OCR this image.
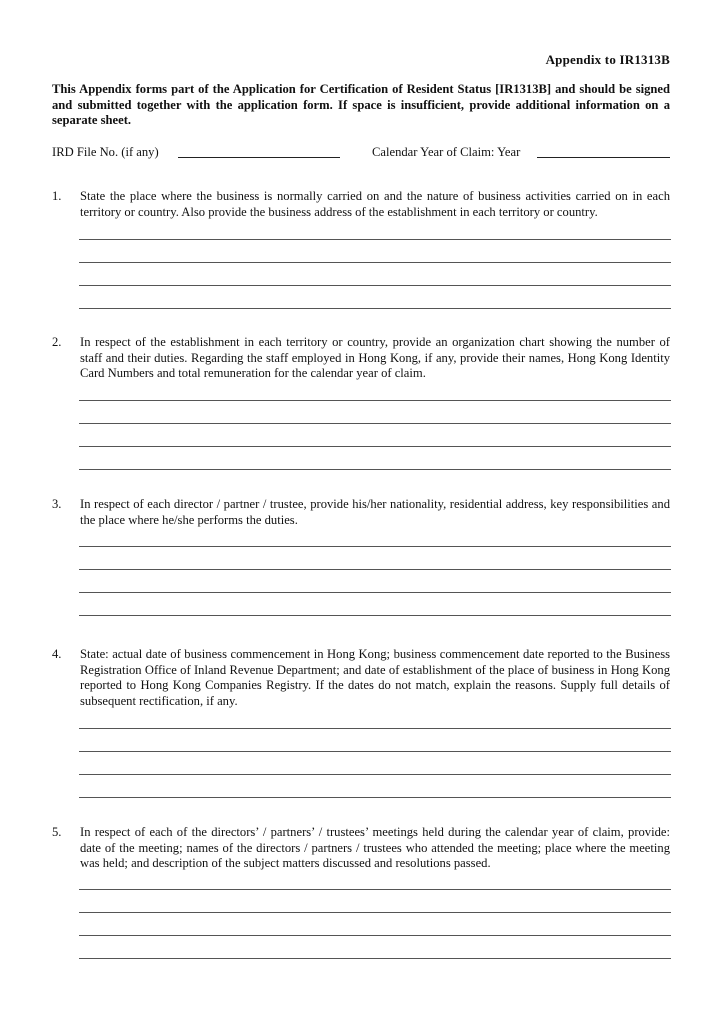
Appendix to IR1313B
This Appendix forms part of the Application for Certification of Resident Status [IR1313B] and should be signed and submitted together with the application form. If space is insufficient, provide additional information on a separate sheet.
IRD File No. (if any)	Calendar Year of Claim: Year
1. State the place where the business is normally carried on and the nature of business activities carried on in each territory or country. Also provide the business address of the establishment in each territory or country.
2. In respect of the establishment in each territory or country, provide an organization chart showing the number of staff and their duties. Regarding the staff employed in Hong Kong, if any, provide their names, Hong Kong Identity Card Numbers and total remuneration for the calendar year of claim.
3. In respect of each director / partner / trustee, provide his/her nationality, residential address, key responsibilities and the place where he/she performs the duties.
4. State: actual date of business commencement in Hong Kong; business commencement date reported to the Business Registration Office of Inland Revenue Department; and date of establishment of the place of business in Hong Kong reported to Hong Kong Companies Registry. If the dates do not match, explain the reasons. Supply full details of subsequent rectification, if any.
5. In respect of each of the directors’ / partners’ / trustees’ meetings held during the calendar year of claim, provide: date of the meeting; names of the directors / partners / trustees who attended the meeting; place where the meeting was held; and description of the subject matters discussed and resolutions passed.
